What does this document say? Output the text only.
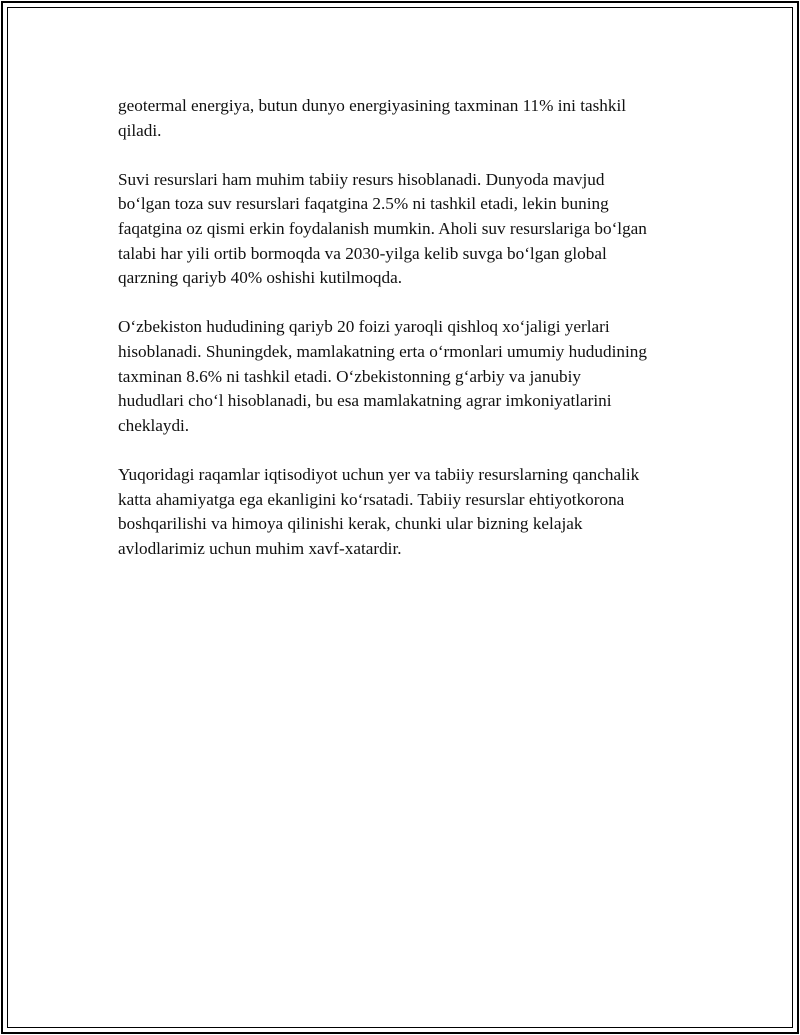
geotermal energiya, butun dunyo energiyasining taxminan 11% ini tashkil
qiladi.

Suvi resurslari ham muhim tabiiy resurs hisoblanadi. Dunyoda mavjud
bo‘lgan toza suv resurslari faqatgina 2.5% ni tashkil etadi, lekin buning
faqatgina oz qismi erkin foydalanish mumkin. Aholi suv resurslariga bo‘lgan
talabi har yili ortib bormoqda va 2030-yilga kelib suvga bo‘lgan global
qarzning qariyb 40% oshishi kutilmoqda.

O‘zbekiston hududining qariyb 20 foizi yaroqli qishloq xo‘jaligi yerlari
hisoblanadi. Shuningdek, mamlakatning erta o‘rmonlari umumiy hududining
taxminan 8.6% ni tashkil etadi. O‘zbekistonning g‘arbiy va janubiy
hududlari cho‘l hisoblanadi, bu esa mamlakatning agrar imkoniyatlarini
cheklaydi.

Yuqoridagi raqamlar iqtisodiyot uchun yer va tabiiy resurslarning qanchalik
katta ahamiyatga ega ekanligini ko‘rsatadi. Tabiiy resurslar ehtiyotkorona
boshqarilishi va himoya qilinishi kerak, chunki ular bizning kelajak
avlodlarimiz uchun muhim xavf-xatardir.
